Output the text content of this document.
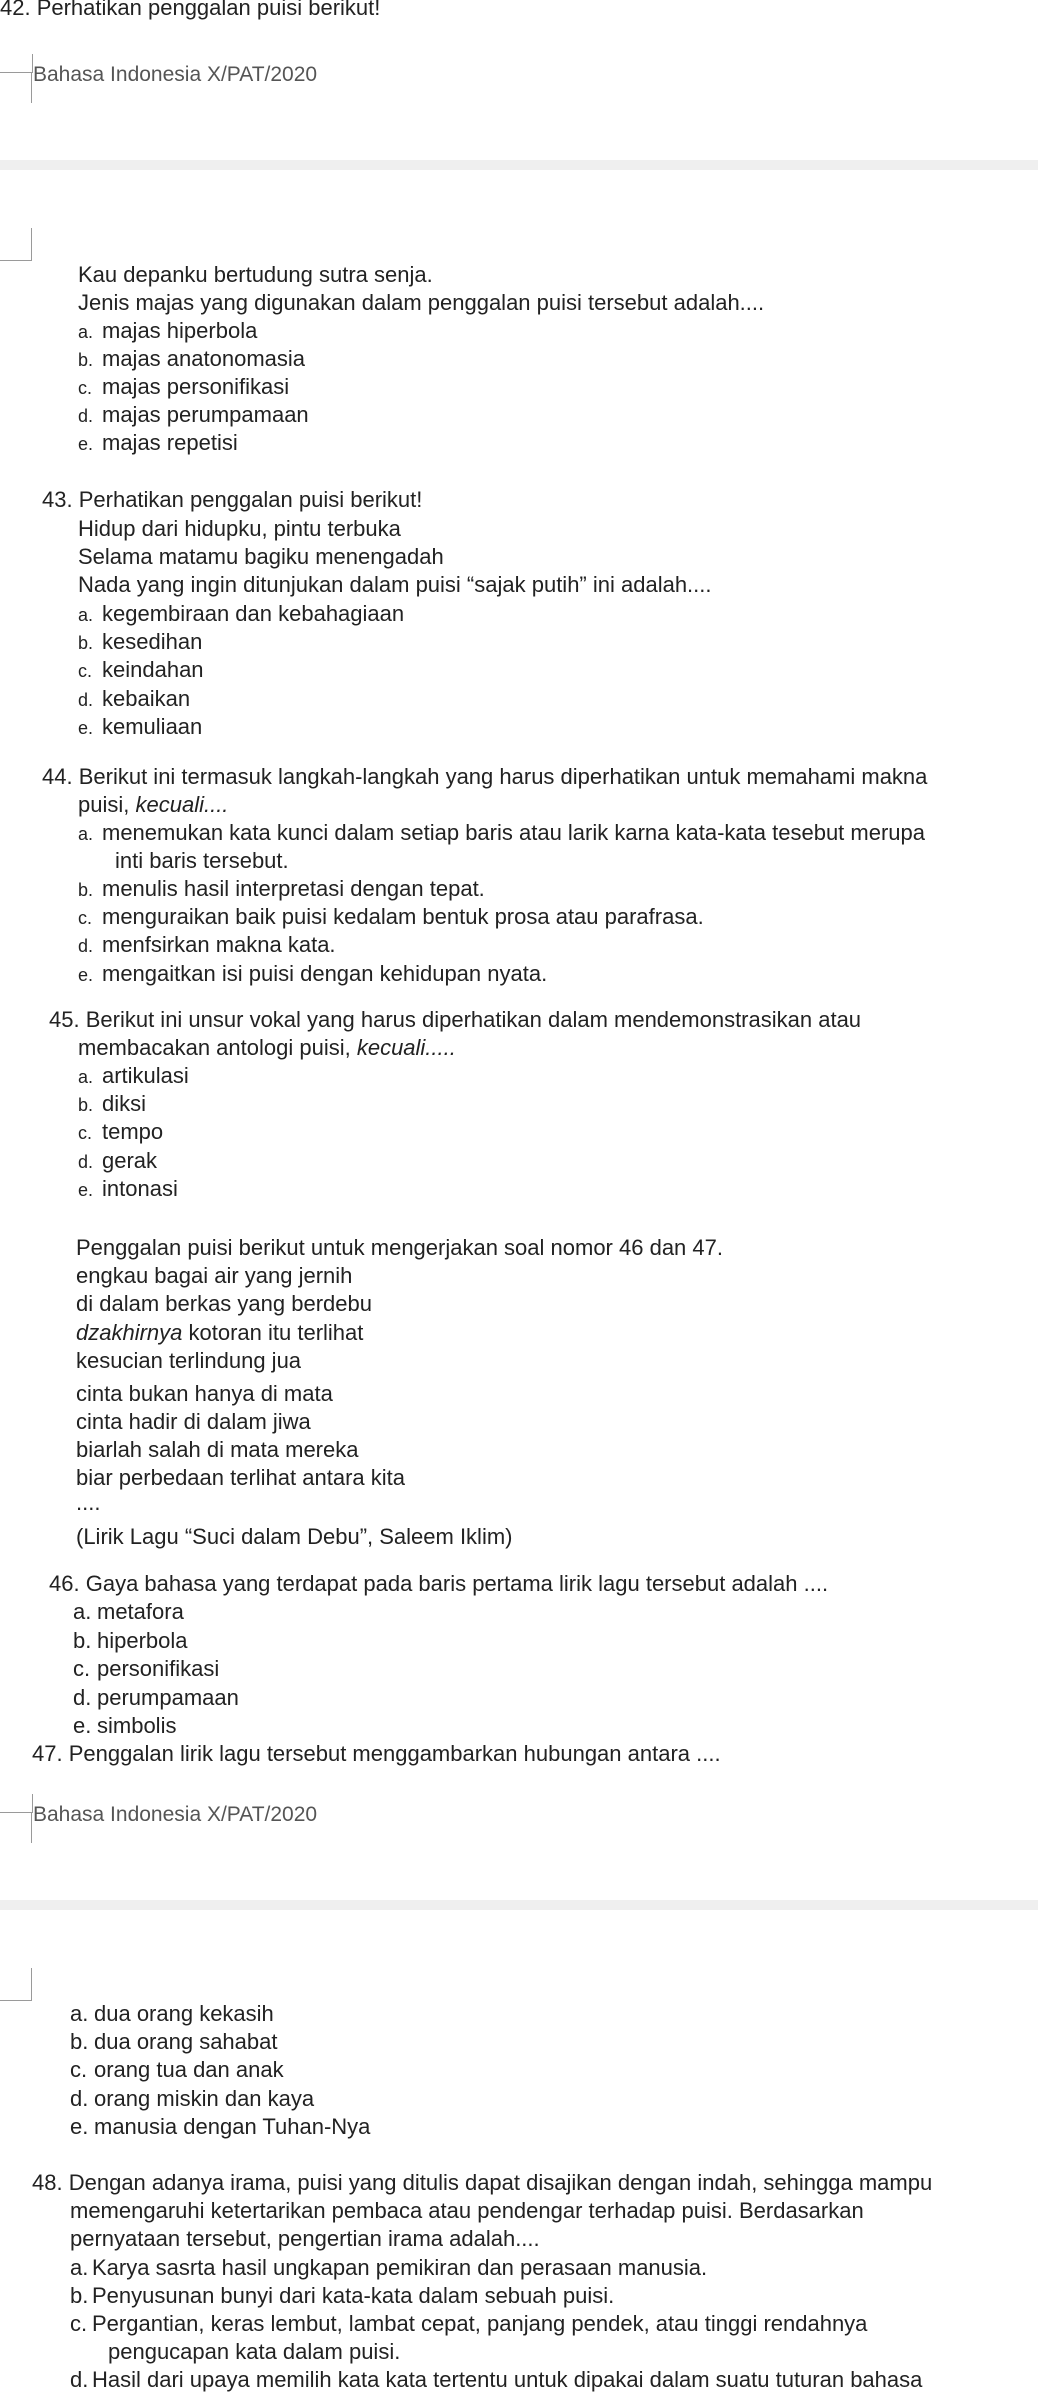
42. Perhatikan penggalan puisi berikut!
Bahasa Indonesia X/PAT/2020
Kau depanku bertudung sutra senja.
Jenis majas yang digunakan dalam penggalan puisi tersebut adalah....
a. majas hiperbola
b. majas anatonomasia
c. majas personifikasi
d. majas perumpamaan
e. majas repetisi
43. Perhatikan penggalan puisi berikut!
Hidup dari hidupku, pintu terbuka
Selama matamu bagiku menengadah
Nada yang ingin ditunjukan dalam puisi “sajak putih” ini adalah....
a. kegembiraan dan kebahagiaan
b. kesedihan
c. keindahan
d. kebaikan
e. kemuliaan
44. Berikut ini termasuk langkah-langkah yang harus diperhatikan untuk memahami makna
puisi, kecuali....
a. menemukan kata kunci dalam setiap baris atau larik karna kata-kata tesebut merupa
inti baris tersebut.
b. menulis hasil interpretasi dengan tepat.
c. menguraikan baik puisi kedalam bentuk prosa atau parafrasa.
d. menfsirkan makna kata.
e. mengaitkan isi puisi dengan kehidupan nyata.
45. Berikut ini unsur vokal yang harus diperhatikan dalam mendemonstrasikan atau
membacakan antologi puisi, kecuali.....
a. artikulasi
b. diksi
c. tempo
d. gerak
e. intonasi
Penggalan puisi berikut untuk mengerjakan soal nomor 46 dan 47.
engkau bagai air yang jernih
di dalam berkas yang berdebu
dzakhirnya kotoran itu terlihat
kesucian terlindung jua
cinta bukan hanya di mata
cinta hadir di dalam jiwa
biarlah salah di mata mereka
biar perbedaan terlihat antara kita
....
(Lirik Lagu “Suci dalam Debu”, Saleem Iklim)
46. Gaya bahasa yang terdapat pada baris pertama lirik lagu tersebut adalah ....
a. metafora
b. hiperbola
c. personifikasi
d. perumpamaan
e. simbolis
47. Penggalan lirik lagu tersebut menggambarkan hubungan antara ....
Bahasa Indonesia X/PAT/2020
a. dua orang kekasih
b. dua orang sahabat
c. orang tua dan anak
d. orang miskin dan kaya
e. manusia dengan Tuhan-Nya
48. Dengan adanya irama, puisi yang ditulis dapat disajikan dengan indah, sehingga mampu
memengaruhi ketertarikan pembaca atau pendengar terhadap puisi. Berdasarkan
pernyataan tersebut, pengertian irama adalah....
a. Karya sasrta hasil ungkapan pemikiran dan perasaan manusia.
b. Penyusunan bunyi dari kata-kata dalam sebuah puisi.
c. Pergantian, keras lembut, lambat cepat, panjang pendek, atau tinggi rendahnya
pengucapan kata dalam puisi.
d. Hasil dari upaya memilih kata kata tertentu untuk dipakai dalam suatu tuturan bahasa
